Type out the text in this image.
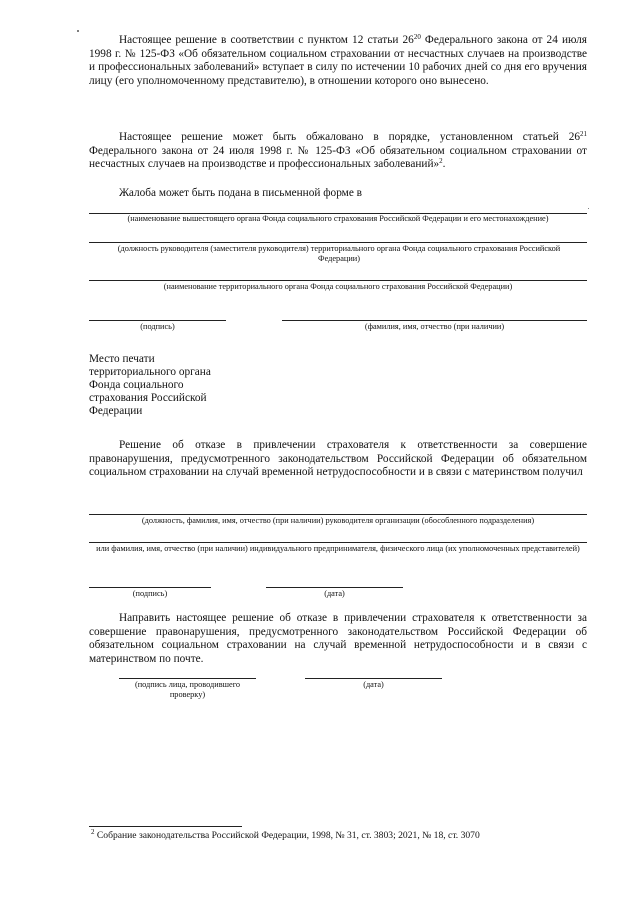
Настоящее решение в соответствии с пунктом 12 статьи $26^{20}$ Федерального закона от 24 июля 1998 г. № 125-ФЗ «Об обязательном социальном страховании от несчастных случаев на производстве и профессиональных заболеваний» вступает в силу по истечении 10 рабочих дней со дня его вручения лицу (его уполномоченному представителю), в отношении которого оно вынесено.
Настоящее решение может быть обжаловано в порядке, установленном статьей $26^{21}$ Федерального закона от 24 июля 1998 г. № 125-ФЗ «Об обязательном социальном страховании от несчастных случаев на производстве и профессиональных заболеваний»$^2$.
Жалоба может быть подана в письменной форме в
(наименование вышестоящего органа Фонда социального страхования Российской Федерации и его местонахождение)
(должность руководителя (заместителя руководителя) территориального органа Фонда социального страхования Российской Федерации)
(наименование территориального органа Фонда социального страхования Российской Федерации)
(подпись)	(фамилия, имя, отчество (при наличии)
Место печати
территориального органа
Фонда социального
страхования Российской
Федерации
Решение об отказе в привлечении страхователя к ответственности за совершение правонарушения, предусмотренного законодательством Российской Федерации об обязательном социальном страховании на случай временной нетрудоспособности и в связи с материнством получил
(должность, фамилия, имя, отчество (при наличии) руководителя организации (обособленного подразделения)
или фамилия, имя, отчество (при наличии) индивидуального предпринимателя, физического лица (их уполномоченных представителей)
(подпись)	(дата)
Направить настоящее решение об отказе в привлечении страхователя к ответственности за совершение правонарушения, предусмотренного законодательством Российской Федерации об обязательном социальном страховании на случай временной нетрудоспособности и в связи с материнством по почте.
(подпись лица, проводившего проверку)
(дата)
$^2$ Собрание законодательства Российской Федерации, 1998, № 31, ст. 3803; 2021, № 18, ст. 3070
